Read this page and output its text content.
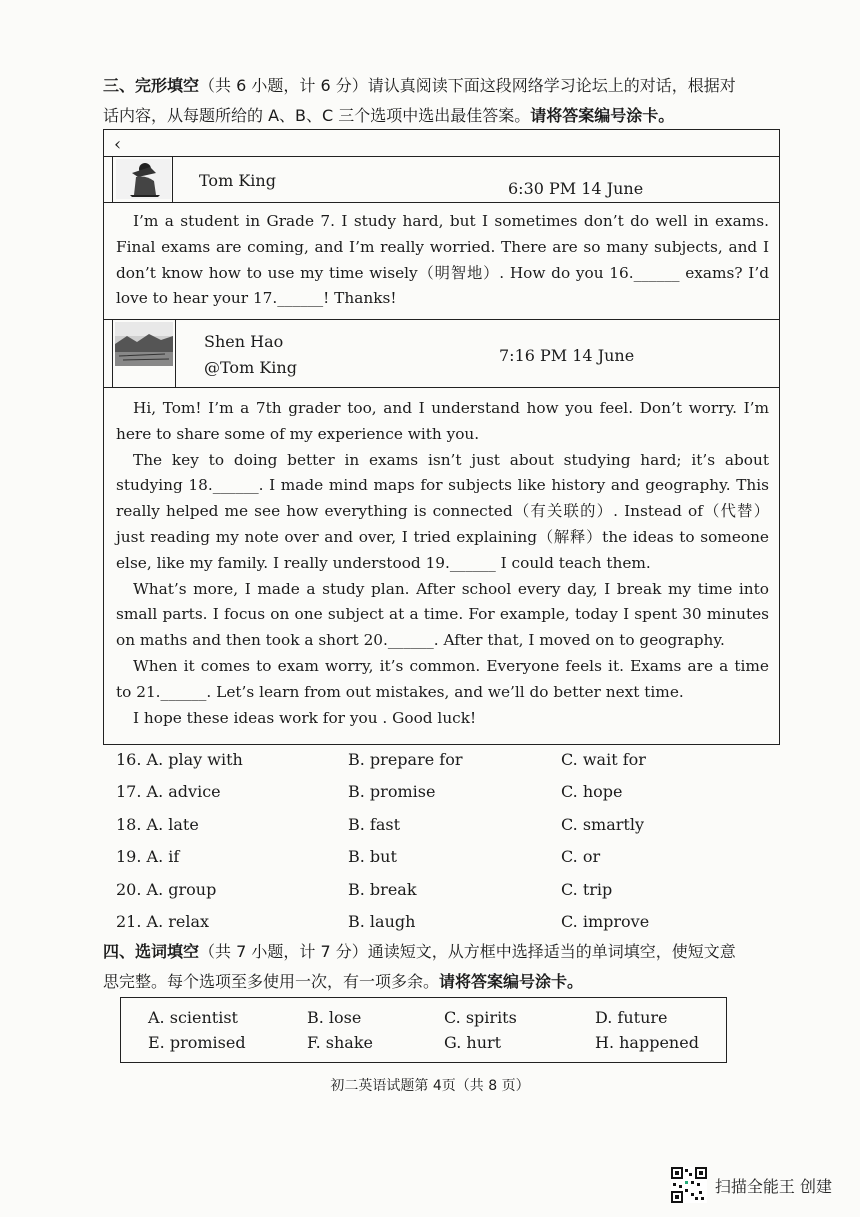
三、完形填空（共 6 小题，计 6 分）请认真阅读下面这段网络学习论坛上的对话，根据对
话内容，从每题所给的 A、B、C 三个选项中选出最佳答案。请将答案编号涂卡。
‹
Tom King	6:30 PM 14 June

I’m a student in Grade 7. I study hard, but I sometimes don’t do well in exams. Final exams are coming, and I’m really worried. There are so many subjects, and I don’t know how to use my time wisely（明智地）. How do you 16.______ exams? I’d love to hear your 17.______! Thanks!

Shen Hao
@Tom King
7:16 PM 14 June

Hi, Tom! I’m a 7th grader too, and I understand how you feel. Don’t worry. I’m here to share some of my experience with you.

The key to doing better in exams isn’t just about studying hard; it’s about studying 18.______. I made mind maps for subjects like history and geography. This really helped me see how everything is connected（有关联的）. Instead of（代替）just reading my note over and over, I tried explaining（解释）the ideas to someone else, like my family. I really understood 19.______ I could teach them.

What’s more, I made a study plan. After school every day, I break my time into small parts. I focus on one subject at a time. For example, today I spent 30 minutes on maths and then took a short 20.______. After that, I moved on to geography.

When it comes to exam worry, it’s common. Everyone feels it. Exams are a time to 21.______. Let’s learn from out mistakes, and we’ll do better next time.

I hope these ideas work for you . Good luck!

16. A. play with	B. prepare for	C. wait for
17. A. advice	B. promise	C. hope
18. A. late	B. fast	C. smartly
19. A. if	B. but	C. or
20. A. group	B. break	C. trip
21. A. relax	B. laugh	C. improve
四、选词填空（共 7 小题，计 7 分）通读短文，从方框中选择适当的单词填空，使短文意
思完整。每个选项至多使用一次，有一项多余。请将答案编号涂卡。
A. scientist	B. lose	C. spirits	D. future
E. promised	F. shake	G. hurt	H. happened
初二英语试题第 4页（共 8 页）
扫描全能王 创建
